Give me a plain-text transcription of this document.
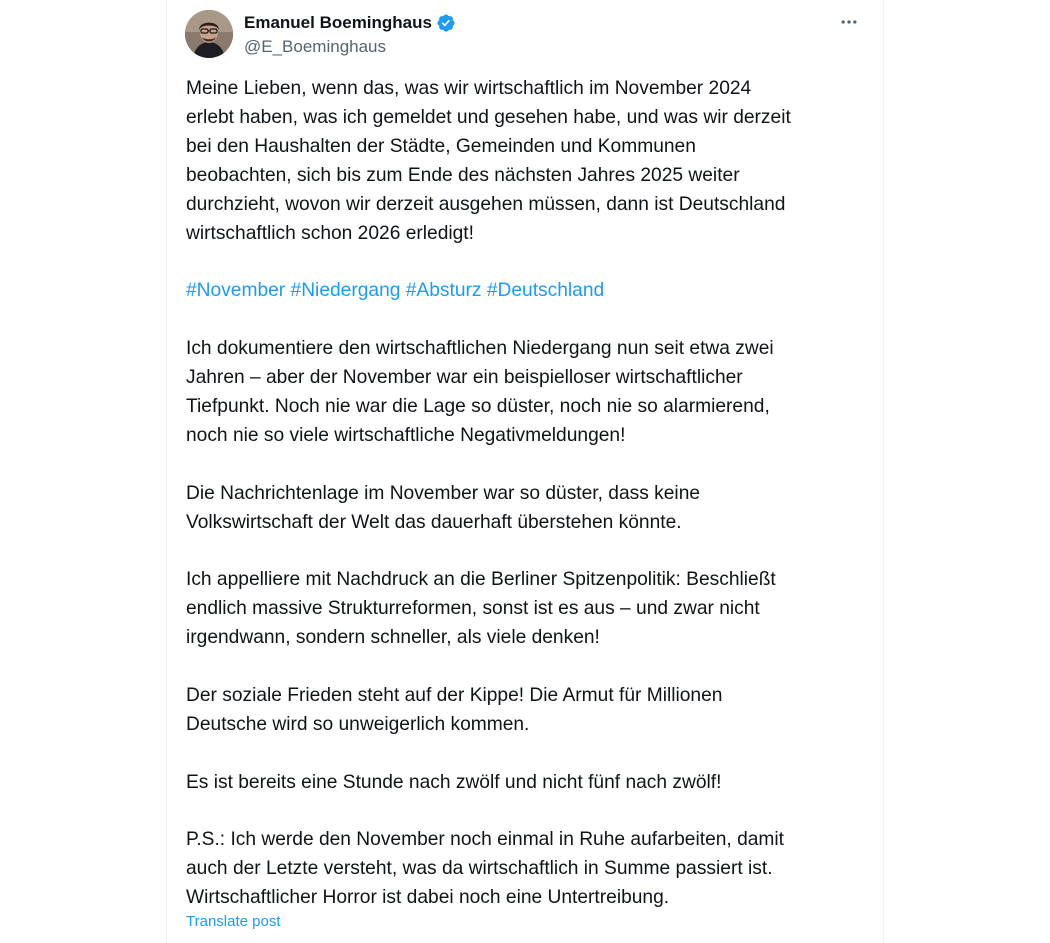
Emanuel Boeminghaus
@E_Boeminghaus

Meine Lieben, wenn das, was wir wirtschaftlich im November 2024
erlebt haben, was ich gemeldet und gesehen habe, und was wir derzeit
bei den Haushalten der Städte, Gemeinden und Kommunen
beobachten, sich bis zum Ende des nächsten Jahres 2025 weiter
durchzieht, wovon wir derzeit ausgehen müssen, dann ist Deutschland
wirtschaftlich schon 2026 erledigt!

#November #Niedergang #Absturz #Deutschland

Ich dokumentiere den wirtschaftlichen Niedergang nun seit etwa zwei
Jahren – aber der November war ein beispielloser wirtschaftlicher
Tiefpunkt. Noch nie war die Lage so düster, noch nie so alarmierend,
noch nie so viele wirtschaftliche Negativmeldungen!

Die Nachrichtenlage im November war so düster, dass keine
Volkswirtschaft der Welt das dauerhaft überstehen könnte.

Ich appelliere mit Nachdruck an die Berliner Spitzenpolitik: Beschließt
endlich massive Strukturreformen, sonst ist es aus – und zwar nicht
irgendwann, sondern schneller, als viele denken!

Der soziale Frieden steht auf der Kippe! Die Armut für Millionen
Deutsche wird so unweigerlich kommen.

Es ist bereits eine Stunde nach zwölf und nicht fünf nach zwölf!

P.S.: Ich werde den November noch einmal in Ruhe aufarbeiten, damit
auch der Letzte versteht, was da wirtschaftlich in Summe passiert ist.
Wirtschaftlicher Horror ist dabei noch eine Untertreibung.

Translate post
